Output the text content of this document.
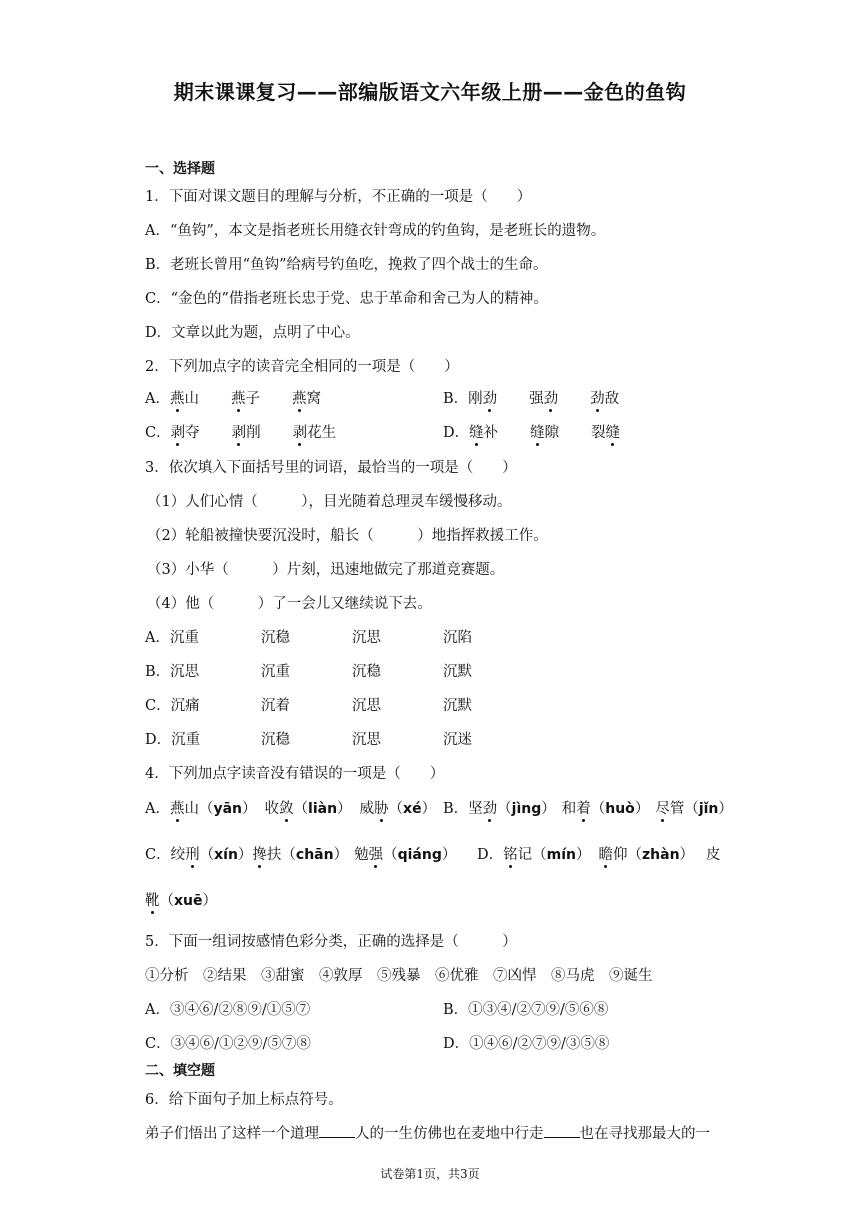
期末课课复习——部编版语文六年级上册——金色的鱼钩
一、选择题
1．下面对课文题目的理解与分析，不正确的一项是（　　）
A．“鱼钩”，本文是指老班长用缝衣针弯成的钓鱼钩，是老班长的遗物。
B．老班长曾用“鱼钩”给病号钓鱼吃，挽救了四个战士的生命。
C．“金色的”借指老班长忠于党、忠于革命和舍己为人的精神。
D．文章以此为题，点明了中心。
2．下列加点字的读音完全相同的一项是（　　）
A．燕山 燕子 燕窝	B．刚劲 强劲 劲敌
C．剥夺 剥削 剥花生	D．缝补 缝隙 裂缝
3．依次填入下面括号里的词语，最恰当的一项是（　　）
（1）人们心情（　　　），目光随着总理灵车缓慢移动。
（2）轮船被撞快要沉没时，船长（　　　）地指挥救援工作。
（3）小华（　　　）片刻，迅速地做完了那道竞赛题。
（4）他（　　　）了一会儿又继续说下去。
A．沉重	沉稳	沉思	沉陷
B．沉思	沉重	沉稳	沉默
C．沉痛	沉着	沉思	沉默
D．沉重	沉稳	沉思	沉迷
4．下列加点字读音没有错误的一项是（　　）
A．燕山（yān） 收敛（liàn） 威胁（xé） B．坚劲（jìng） 和着（huò） 尽管（jǐn）
C．绞刑（xín）搀扶（chān） 勉强（qiáng） D．铭记（mín） 瞻仰（zhàn） 皮
靴（xuē）
5．下面一组词按感情色彩分类，正确的选择是（　　　）
①分析　②结果　③甜蜜　④敦厚　⑤残暴　⑥优雅　⑦凶悍　⑧马虎　⑨诞生
A．③④⑥/②⑧⑨/①⑤⑦	B．①③④/②⑦⑨/⑤⑥⑧
C．③④⑥/①②⑨/⑤⑦⑧	D．①④⑥/②⑦⑨/③⑤⑧
二、填空题
6．给下面句子加上标点符号。
弟子们悟出了这样一个道理 人的一生仿佛也在麦地中行走 也在寻找那最大的一
试卷第1页，共3页
